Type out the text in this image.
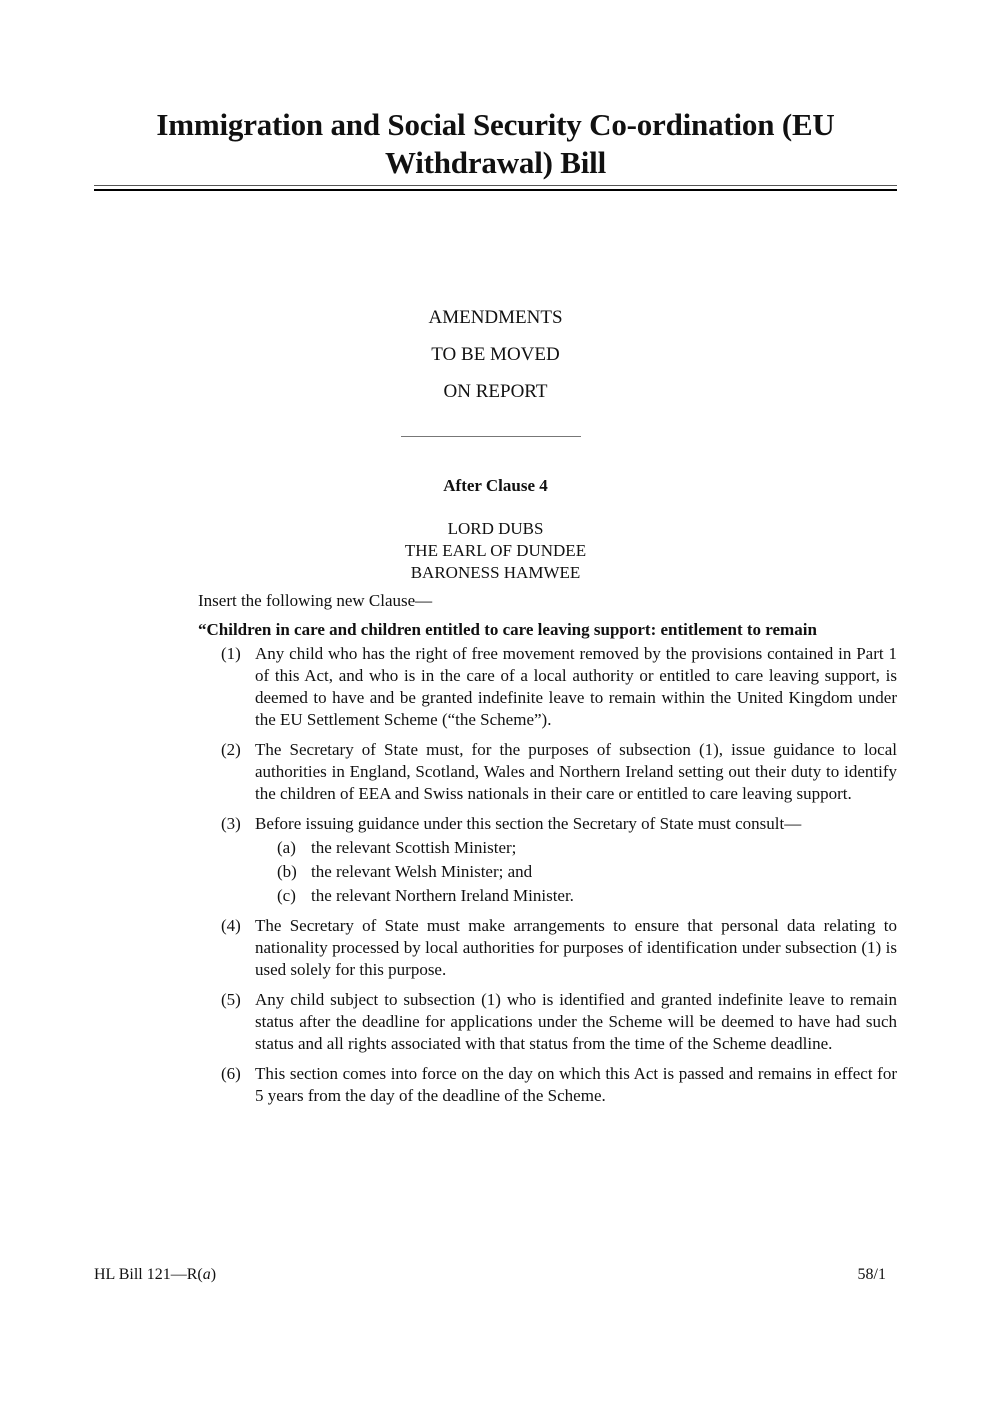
Immigration and Social Security Co-ordination (EU
Withdrawal) Bill
AMENDMENTS
TO BE MOVED
ON REPORT
After Clause 4
LORD DUBS
THE EARL OF DUNDEE
BARONESS HAMWEE
Insert the following new Clause—
“Children in care and children entitled to care leaving support: entitlement to remain
(1) Any child who has the right of free movement removed by the provisions contained in Part 1 of this Act, and who is in the care of a local authority or entitled to care leaving support, is deemed to have and be granted indefinite leave to remain within the United Kingdom under the EU Settlement Scheme (“the Scheme”).
(2) The Secretary of State must, for the purposes of subsection (1), issue guidance to local authorities in England, Scotland, Wales and Northern Ireland setting out their duty to identify the children of EEA and Swiss nationals in their care or entitled to care leaving support.
(3) Before issuing guidance under this section the Secretary of State must consult—
(a) the relevant Scottish Minister;
(b) the relevant Welsh Minister; and
(c) the relevant Northern Ireland Minister.
(4) The Secretary of State must make arrangements to ensure that personal data relating to nationality processed by local authorities for purposes of identification under subsection (1) is used solely for this purpose.
(5) Any child subject to subsection (1) who is identified and granted indefinite leave to remain status after the deadline for applications under the Scheme will be deemed to have had such status and all rights associated with that status from the time of the Scheme deadline.
(6) This section comes into force on the day on which this Act is passed and remains in effect for 5 years from the day of the deadline of the Scheme.
HL Bill 121—R(a)	58/1
